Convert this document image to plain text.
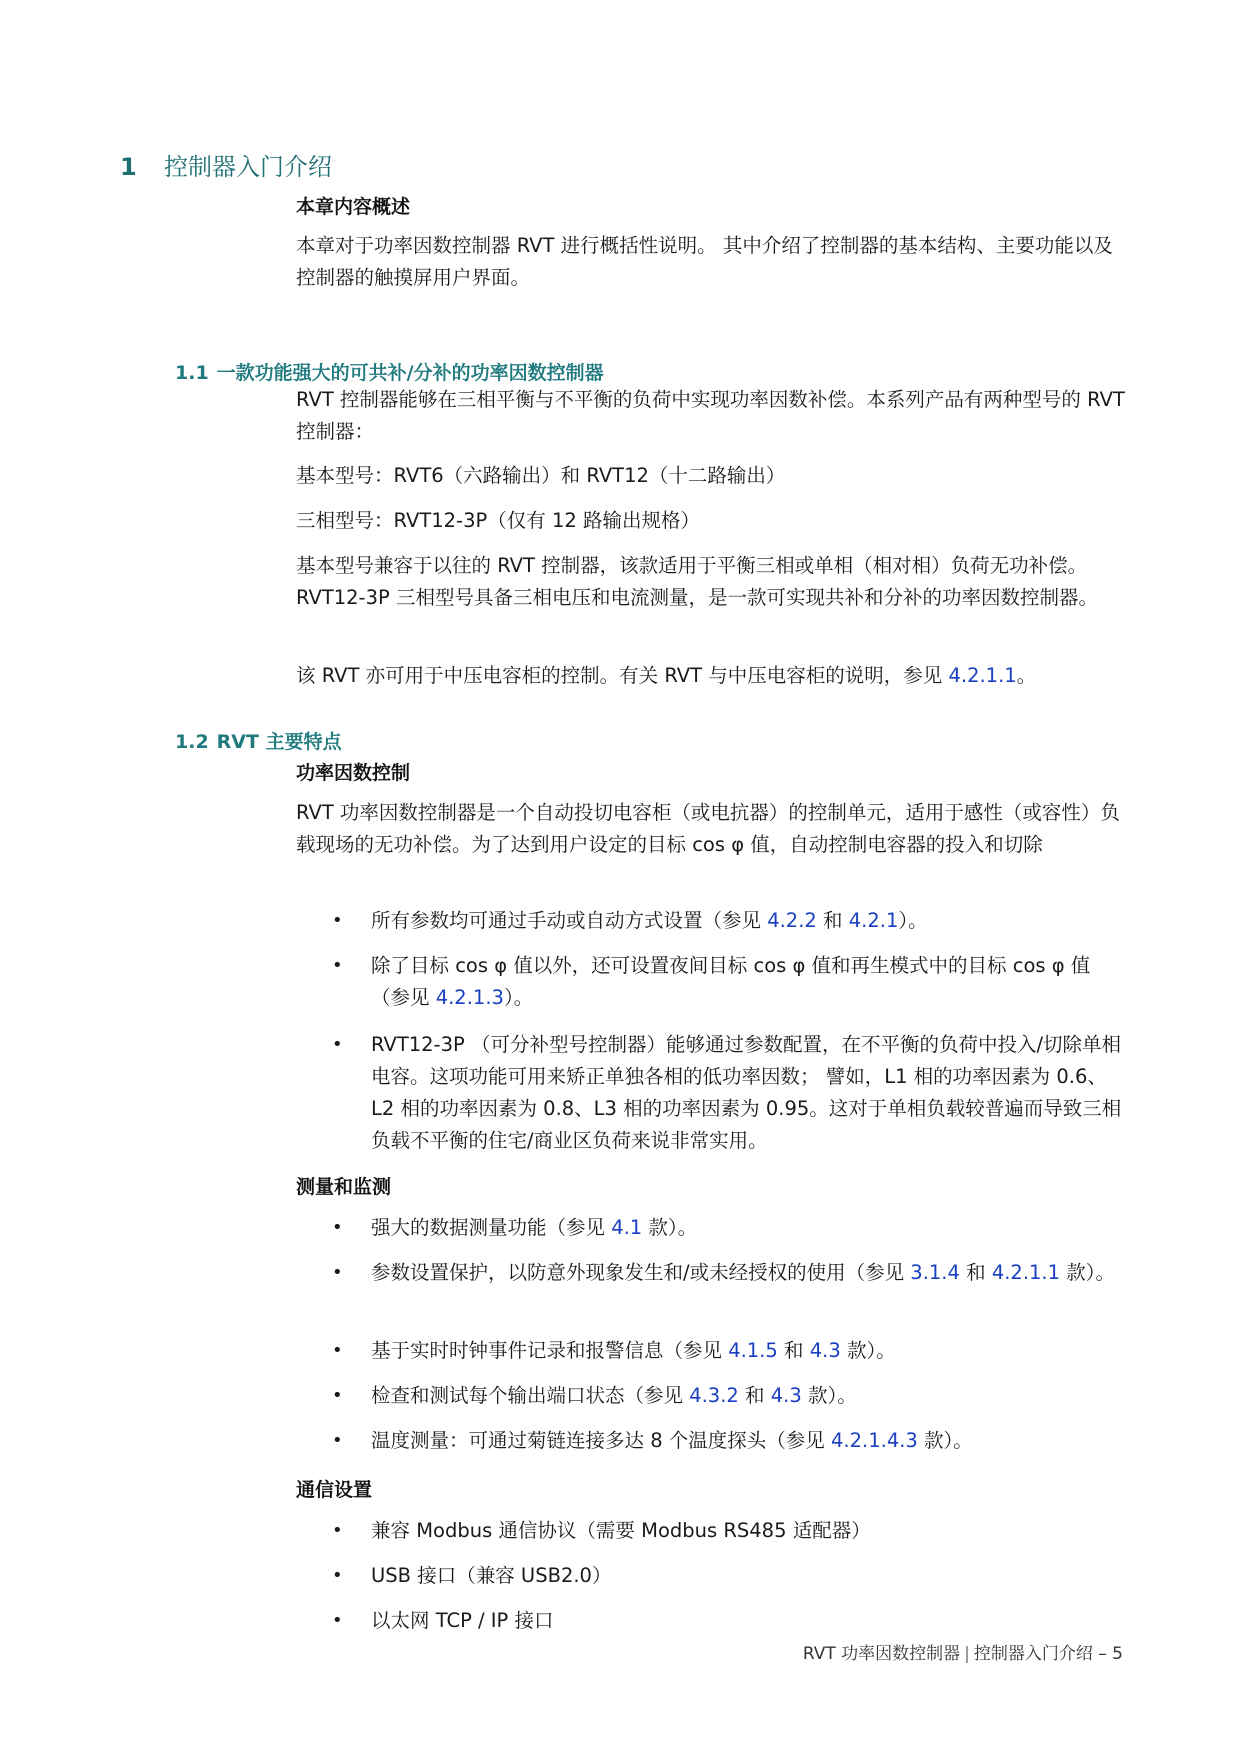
1 控制器入门介绍
本章内容概述
本章对于功率因数控制器 RVT 进行概括性说明。 其中介绍了控制器的基本结构、主要功能以及控制器的触摸屏用户界面。
1.1 一款功能强大的可共补/分补的功率因数控制器
RVT 控制器能够在三相平衡与不平衡的负荷中实现功率因数补偿。本系列产品有两种型号的 RVT 控制器：
基本型号：RVT6（六路输出）和 RVT12（十二路输出）
三相型号：RVT12-3P（仅有 12 路输出规格）
基本型号兼容于以往的 RVT 控制器，该款适用于平衡三相或单相（相对相）负荷无功补偿。RVT12-3P 三相型号具备三相电压和电流测量，是一款可实现共补和分补的功率因数控制器。
该 RVT 亦可用于中压电容柜的控制。有关 RVT 与中压电容柜的说明，参见 4.2.1.1。
1.2 RVT 主要特点
功率因数控制
RVT 功率因数控制器是一个自动投切电容柜（或电抗器）的控制单元，适用于感性（或容性）负载现场的无功补偿。为了达到用户设定的目标 cos φ 值，自动控制电容器的投入和切除
•	所有参数均可通过手动或自动方式设置（参见 4.2.2 和 4.2.1）。
•	除了目标 cos φ 值以外，还可设置夜间目标 cos φ 值和再生模式中的目标 cos φ 值（参见 4.2.1.3）。
•	RVT12-3P （可分补型号控制器）能够通过参数配置，在不平衡的负荷中投入/切除单相电容。这项功能可用来矫正单独各相的低功率因数； 譬如，L1 相的功率因素为 0.6、L2 相的功率因素为 0.8、L3 相的功率因素为 0.95。这对于单相负载较普遍而导致三相负载不平衡的住宅/商业区负荷来说非常实用。
测量和监测
•	强大的数据测量功能（参见 4.1 款）。
•	参数设置保护，以防意外现象发生和/或未经授权的使用（参见 3.1.4 和 4.2.1.1 款）。
•	基于实时时钟事件记录和报警信息（参见 4.1.5 和 4.3 款）。
•	检查和测试每个输出端口状态（参见 4.3.2 和 4.3 款）。
•	温度测量：可通过菊链连接多达 8 个温度探头（参见 4.2.1.4.3 款）。
通信设置
•	兼容 Modbus 通信协议（需要 Modbus RS485 适配器）
•	USB 接口（兼容 USB2.0）
•	以太网 TCP / IP 接口
RVT 功率因数控制器 | 控制器入门介绍 – 5
